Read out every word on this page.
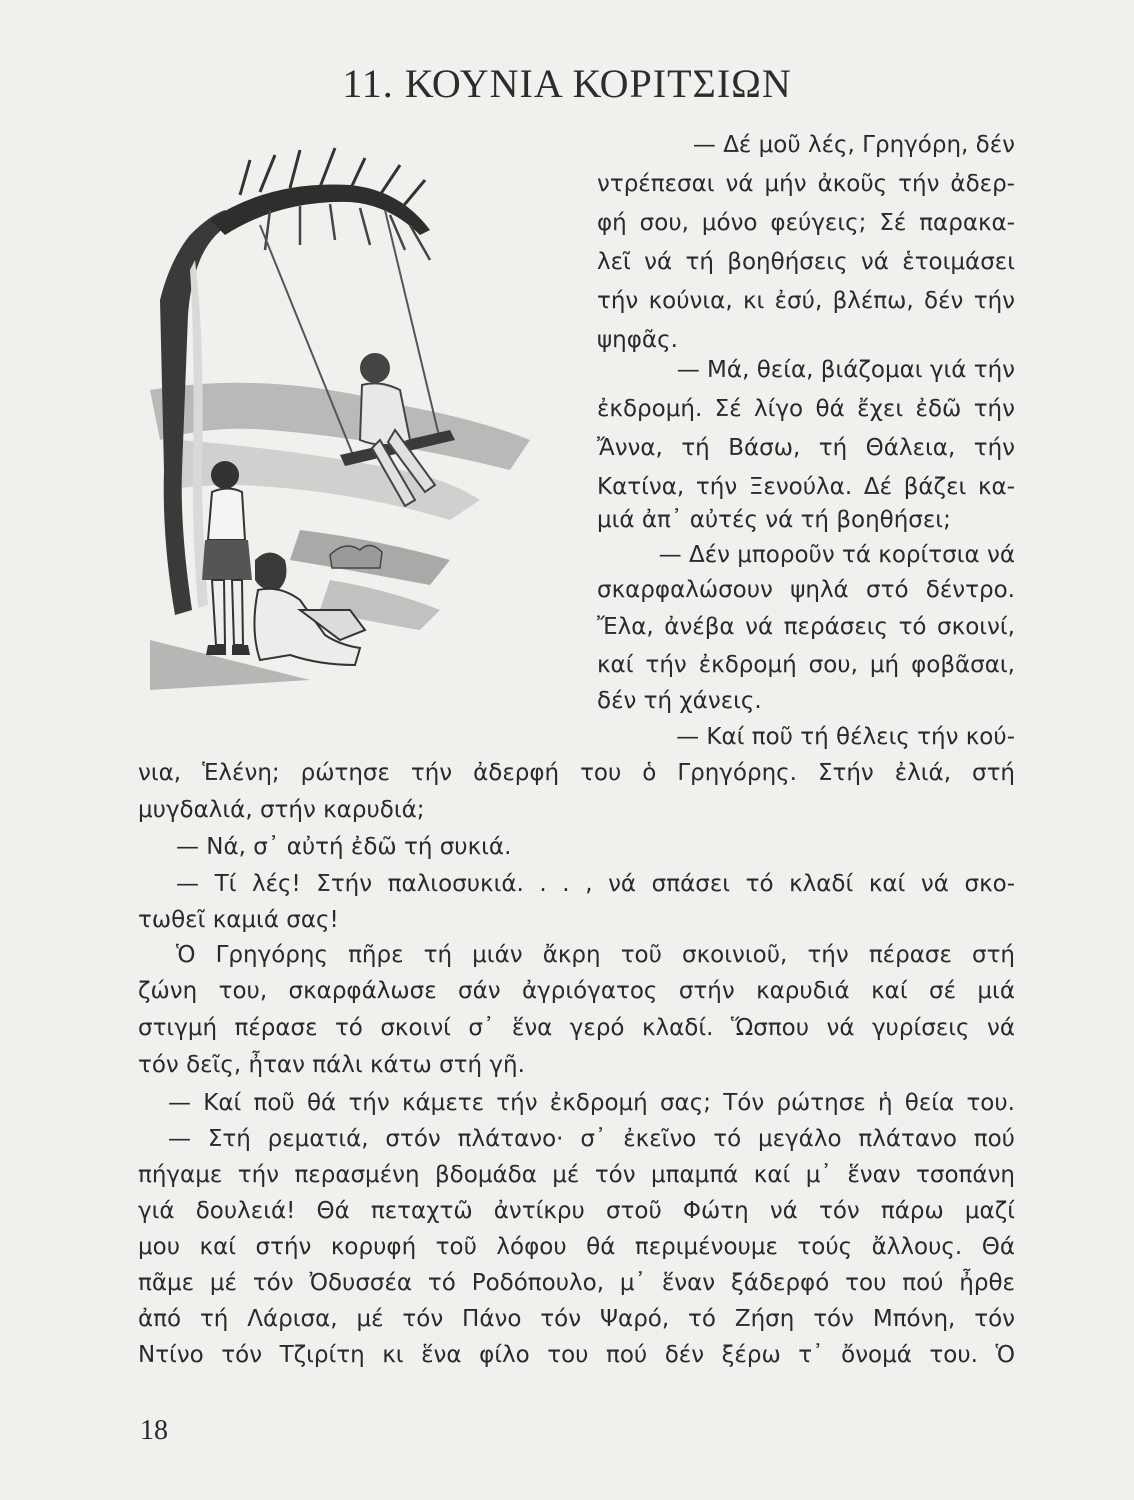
11. ΚΟΥΝΙΑ ΚΟΡΙΤΣΙΩΝ

— Δέ μοῦ λές, Γρηγόρη, δέν

ντρέπεσαι νά μήν ἀκοῦς τήν ἀδερ-

φή σου, μόνο φεύγεις; Σέ παρακα-

λεῖ νά τή βοηθήσεις νά ἑτοιμάσει

τήν κούνια, κι ἐσύ, βλέπω, δέν τήν

ψηφᾶς.

— Μά, θεία, βιάζομαι γιά τήν

ἐκδρομή. Σέ λίγο θά ἔχει ἐδῶ τήν

Ἄννα, τή Βάσω, τή Θάλεια, τήν

Κατίνα, τήν Ξενούλα. Δέ βάζει κα-

μιά ἀπ᾽ αὐτές νά τή βοηθήσει;

— Δέν μποροῦν τά κορίτσια νά

σκαρφαλώσουν ψηλά στό δέντρο.

Ἔλα, ἀνέβα νά περάσεις τό σκοινί,

καί τήν ἐκδρομή σου, μή φοβᾶσαι,

δέν τή χάνεις.

— Καί ποῦ τή θέλεις τήν κού-

νια, Ἑλένη; ρώτησε τήν ἀδερφή του ὁ Γρηγόρης. Στήν ἐλιά, στή

μυγδαλιά, στήν καρυδιά;

— Νά, σ᾽ αὐτή ἐδῶ τή συκιά.

— Τί λές! Στήν παλιοσυκιά. . . , νά σπάσει τό κλαδί καί νά σκο-

τωθεῖ καμιά σας!

Ὁ Γρηγόρης πῆρε τή μιάν ἄκρη τοῦ σκοινιοῦ, τήν πέρασε στή

ζώνη του, σκαρφάλωσε σάν ἀγριόγατος στήν καρυδιά καί σέ μιά

στιγμή πέρασε τό σκοινί σ᾽ ἕνα γερό κλαδί. Ὥσπου νά γυρίσεις νά

τόν δεῖς, ἦταν πάλι κάτω στή γῆ.

— Καί ποῦ θά τήν κάμετε τήν ἐκδρομή σας; Τόν ρώτησε ἡ θεία του.

— Στή ρεματιά, στόν πλάτανο· σ᾽ ἐκεῖνο τό μεγάλο πλάτανο πού

πήγαμε τήν περασμένη βδομάδα μέ τόν μπαμπά καί μ᾽ ἕναν τσοπάνη

γιά δουλειά! Θά πεταχτῶ ἀντίκρυ στοῦ Φώτη νά τόν πάρω μαζί

μου καί στήν κορυφή τοῦ λόφου θά περιμένουμε τούς ἄλλους. Θά

πᾶμε μέ τόν Ὀδυσσέα τό Ροδόπουλο, μ᾽ ἕναν ξάδερφό του πού ἦρθε

ἀπό τή Λάρισα, μέ τόν Πάνο τόν Ψαρό, τό Ζήση τόν Μπόνη, τόν

Ντίνο τόν Τζιρίτη κι ἕνα φίλο του πού δέν ξέρω τ᾽ ὄνομά του. Ὁ

18
